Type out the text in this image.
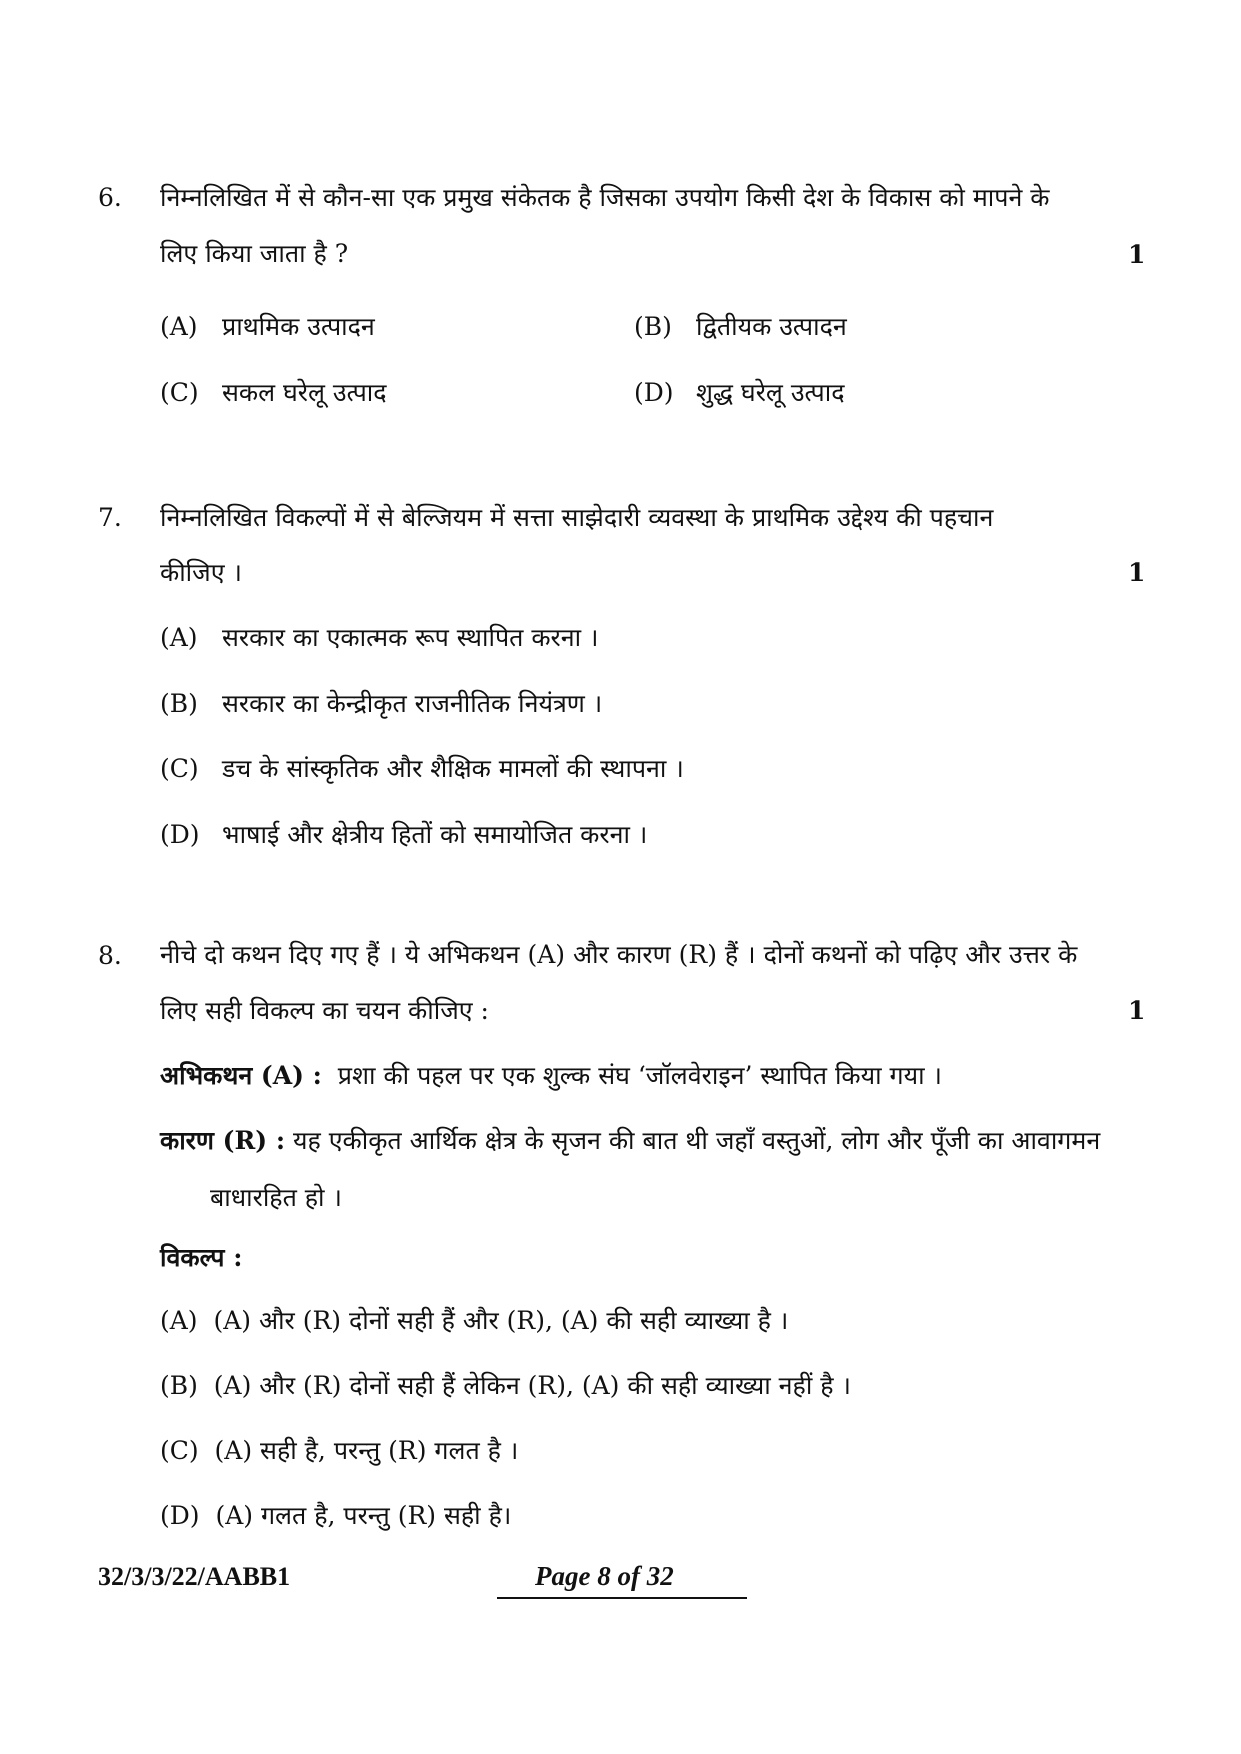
6. निम्नलिखित में से कौन-सा एक प्रमुख संकेतक है जिसका उपयोग किसी देश के विकास को मापने के
लिए किया जाता है ?	1
(A) प्राथमिक उत्पादन	(B) द्वितीयक उत्पादन
(C) सकल घरेलू उत्पाद	(D) शुद्ध घरेलू उत्पाद
7. निम्नलिखित विकल्पों में से बेल्जियम में सत्ता साझेदारी व्यवस्था के प्राथमिक उद्देश्य की पहचान
कीजिए ।	1
(A) सरकार का एकात्मक रूप स्थापित करना ।
(B) सरकार का केन्द्रीकृत राजनीतिक नियंत्रण ।
(C) डच के सांस्कृतिक और शैक्षिक मामलों की स्थापना ।
(D) भाषाई और क्षेत्रीय हितों को समायोजित करना ।
8. नीचे दो कथन दिए गए हैं । ये अभिकथन (A) और कारण (R) हैं । दोनों कथनों को पढ़िए और उत्तर के
लिए सही विकल्प का चयन कीजिए :	1
अभिकथन (A) : प्रशा की पहल पर एक शुल्क संघ ‘जॉलवेराइन’ स्थापित किया गया ।
कारण (R) : यह एकीकृत आर्थिक क्षेत्र के सृजन की बात थी जहाँ वस्तुओं, लोग और पूँजी का आवागमन
बाधारहित हो ।
विकल्प :
(A) (A) और (R) दोनों सही हैं और (R), (A) की सही व्याख्या है ।
(B) (A) और (R) दोनों सही हैं लेकिन (R), (A) की सही व्याख्या नहीं है ।
(C) (A) सही है, परन्तु (R) गलत है ।
(D) (A) गलत है, परन्तु (R) सही है।
32/3/3/22/AABB1	Page 8 of 32
